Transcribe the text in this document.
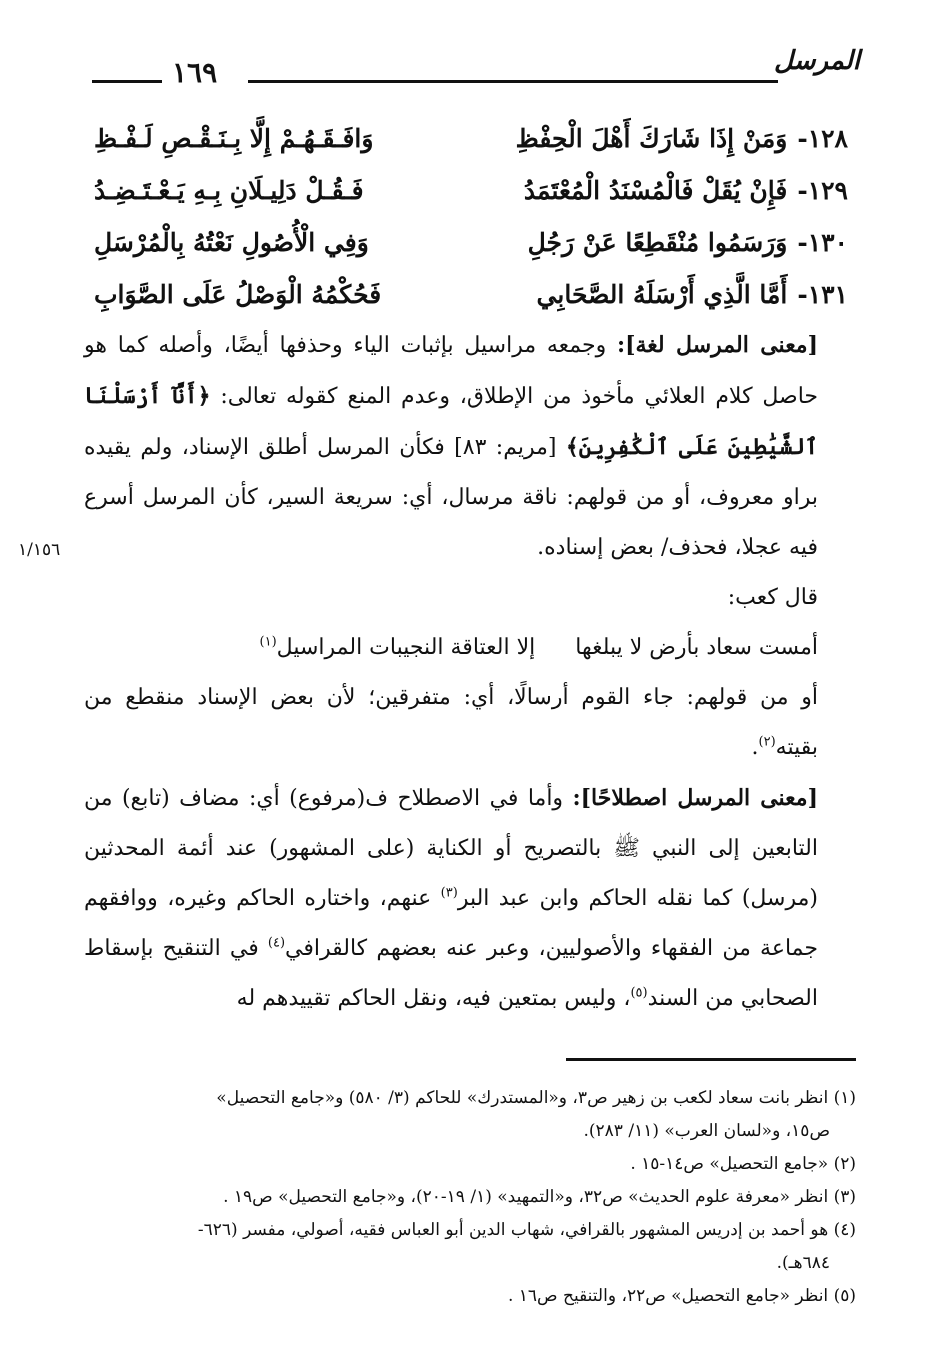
المرسل
١٦٩
١٢٨-
وَمَنْ إِذَا شَارَكَ أَهْلَ الْحِفْظِ
وَافَـقَـهُـمْ إِلَّا بِـنَـقْـصِ لَـفْـظِ
١٢٩-
فَإِنْ يُقَلْ فَالْمُسْنَدُ الْمُعْتَمَدُ
فَـقُـلْ دَلِيـلَانِ بِـهِ يَـعْـتَـضِـدُ
١٣٠-
وَرَسَمُوا مُنْقَطِعًا عَنْ رَجُلِ
وَفِي الْأُصُولِ نَعْتُهُ بِالْمُرْسَلِ
١٣١-
أَمَّا الَّذِي أَرْسَلَهُ الصَّحَابِي
فَحُكْمُهُ الْوَصْلُ عَلَى الصَّوَابِ
١/١٥٦

[معنى المرسل لغة]: وجمعه مراسيل بإثبات الياء وحذفها أيضًا، وأصله كما هو حاصل كلام العلائي مأخوذ من الإطلاق، وعدم المنع كقوله تعالى: ﴿أَنَّآ أَرْسَلْنَا ٱلشَّيَٰطِينَ عَلَى ٱلْكَٰفِرِينَ﴾ [مريم: ٨٣] فكأن المرسل أطلق الإسناد، ولم يقيده براو معروف، أو من قولهم: ناقة مرسال، أي: سريعة السير، كأن المرسل أسرع فيه عجلا، فحذف/ بعض إسناده.

قال كعب:

أمست سعاد بأرض لا يبلغها
إلا العتاقة النجيبات المراسيل$^{(١)}$

أو من قولهم: جاء القوم أرسالًا، أي: متفرقين؛ لأن بعض الإسناد منقطع من بقيته$^{(٢)}$.

[معنى المرسل اصطلاحًا]: وأما في الاصطلاح ف(مرفوع) أي: مضاف (تابع) من التابعين إلى النبي ﷺ بالتصريح أو الكناية (على المشهور) عند أئمة المحدثين (مرسل) كما نقله الحاكم وابن عبد البر$^{(٣)}$ عنهم، واختاره الحاكم وغيره، ووافقهم جماعة من الفقهاء والأصوليين، وعبر عنه بعضهم كالقرافي$^{(٤)}$ في التنقيح بإسقاط الصحابي من السند$^{(٥)}$، وليس بمتعين فيه، ونقل الحاكم تقييدهم له

(١) انظر بانت سعاد لكعب بن زهير ص٣، و«المستدرك» للحاكم (٣/ ٥٨٠) و«جامع التحصيل»
ص١٥، و«لسان العرب» (١١/ ٢٨٣).
(٢) «جامع التحصيل» ص١٤-١٥ .
(٣) انظر «معرفة علوم الحديث» ص٣٢، و«التمهيد» (١/ ١٩-٢٠)، و«جامع التحصيل» ص١٩ .
(٤) هو أحمد بن إدريس المشهور بالقرافي، شهاب الدين أبو العباس فقيه، أصولي، مفسر (٦٢٦-
٦٨٤هـ).
(٥) انظر «جامع التحصيل» ص٢٢، والتنقيح ص١٦ .
